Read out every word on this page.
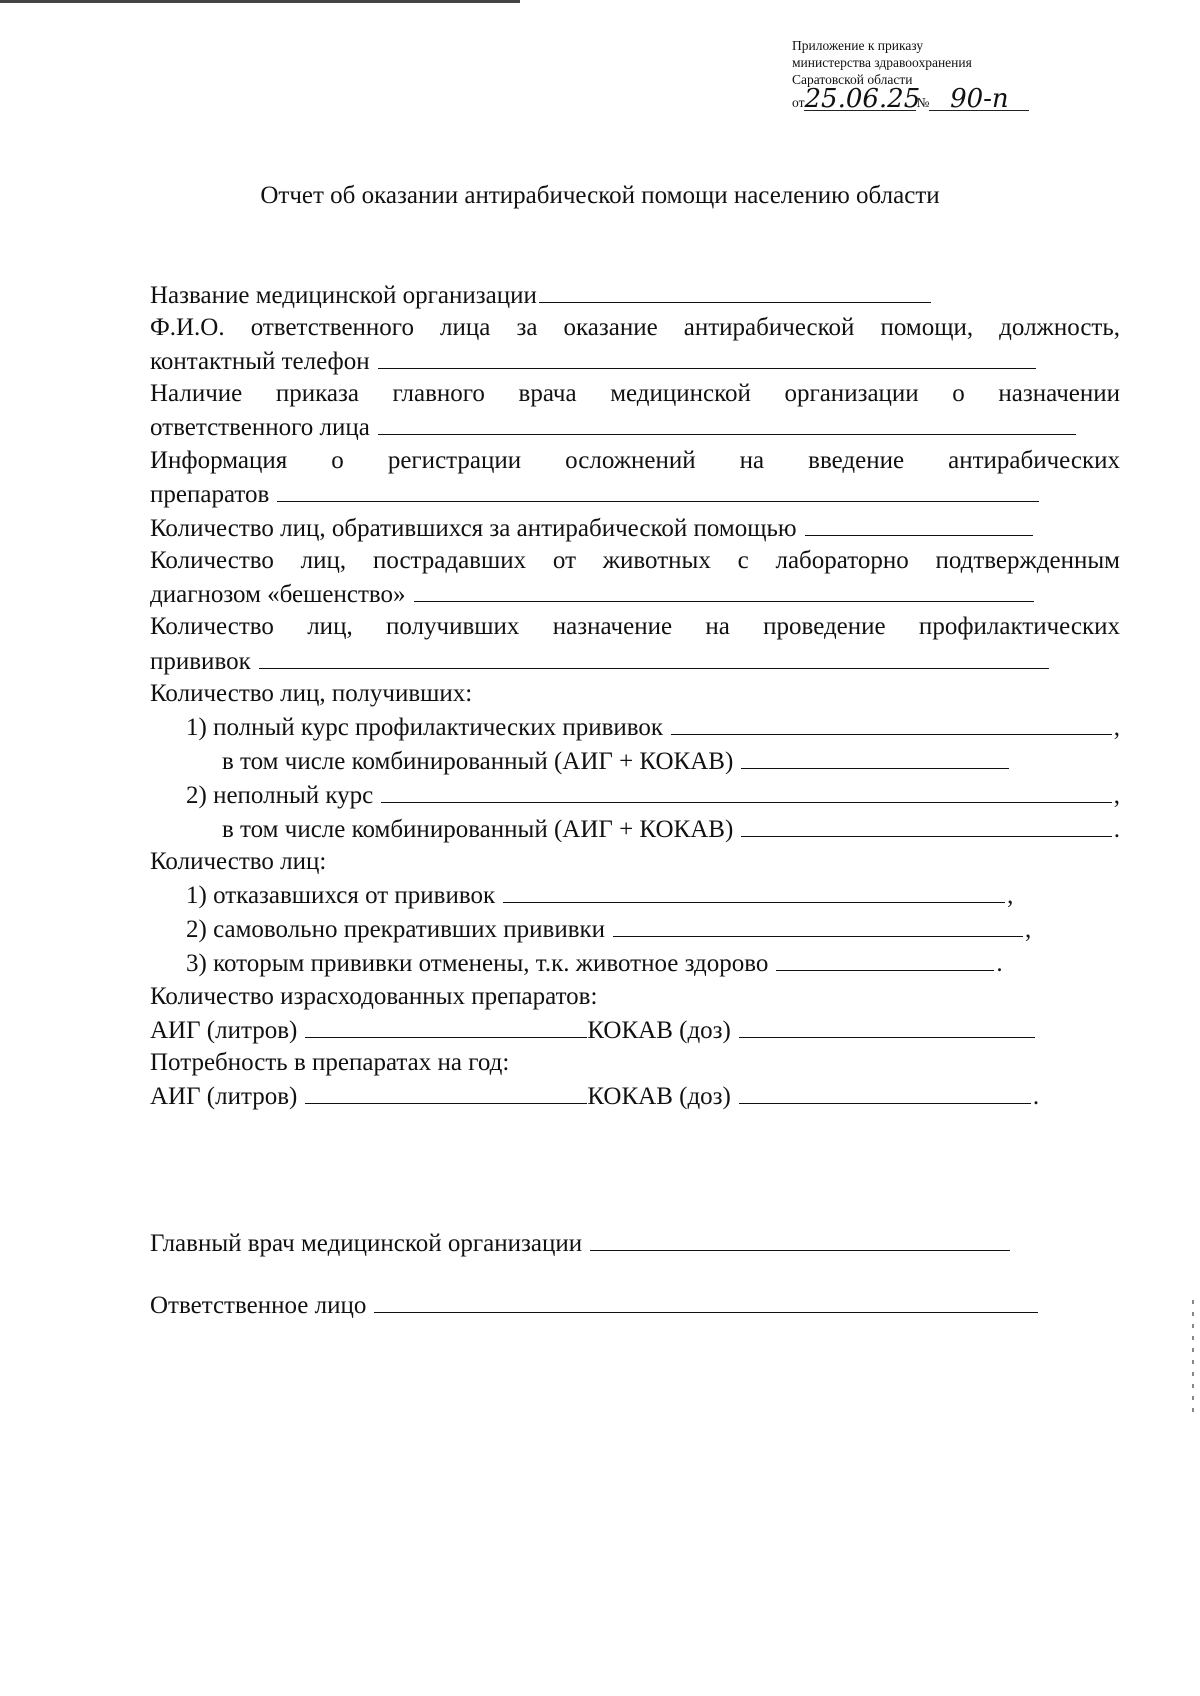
Приложение к приказу
министерства здравоохранения
Саратовской области
от25.06.25№ 90-п
Отчет об оказании антирабической помощи населению области
Название медицинской организации
Ф.И.О. ответственного лица за оказание антирабической помощи, должность,
контактный телефон
Наличие приказа главного врача медицинской организации о назначении
ответственного лица
Информация о регистрации осложнений на введение антирабических
препаратов
Количество лиц, обратившихся за антирабической помощью
Количество лиц, пострадавших от животных с лабораторно подтвержденным
диагнозом «бешенство»
Количество лиц, получивших назначение на проведение профилактических
прививок
Количество лиц, получивших:
1) полный курс профилактических прививок	,
в том числе комбинированный (АИГ + КОКАВ)
2) неполный курс	,
в том числе комбинированный (АИГ + КОКАВ)	.
Количество лиц:
1) отказавшихся от прививок	,
2) самовольно прекративших прививки	,
3) которым прививки отменены, т.к. животное здорово	.
Количество израсходованных препаратов:
АИГ (литров)	КОКАВ (доз)
Потребность в препаратах на год:
АИГ (литров)	КОКАВ (доз)	.
Главный врач медицинской организации
Ответственное лицо
